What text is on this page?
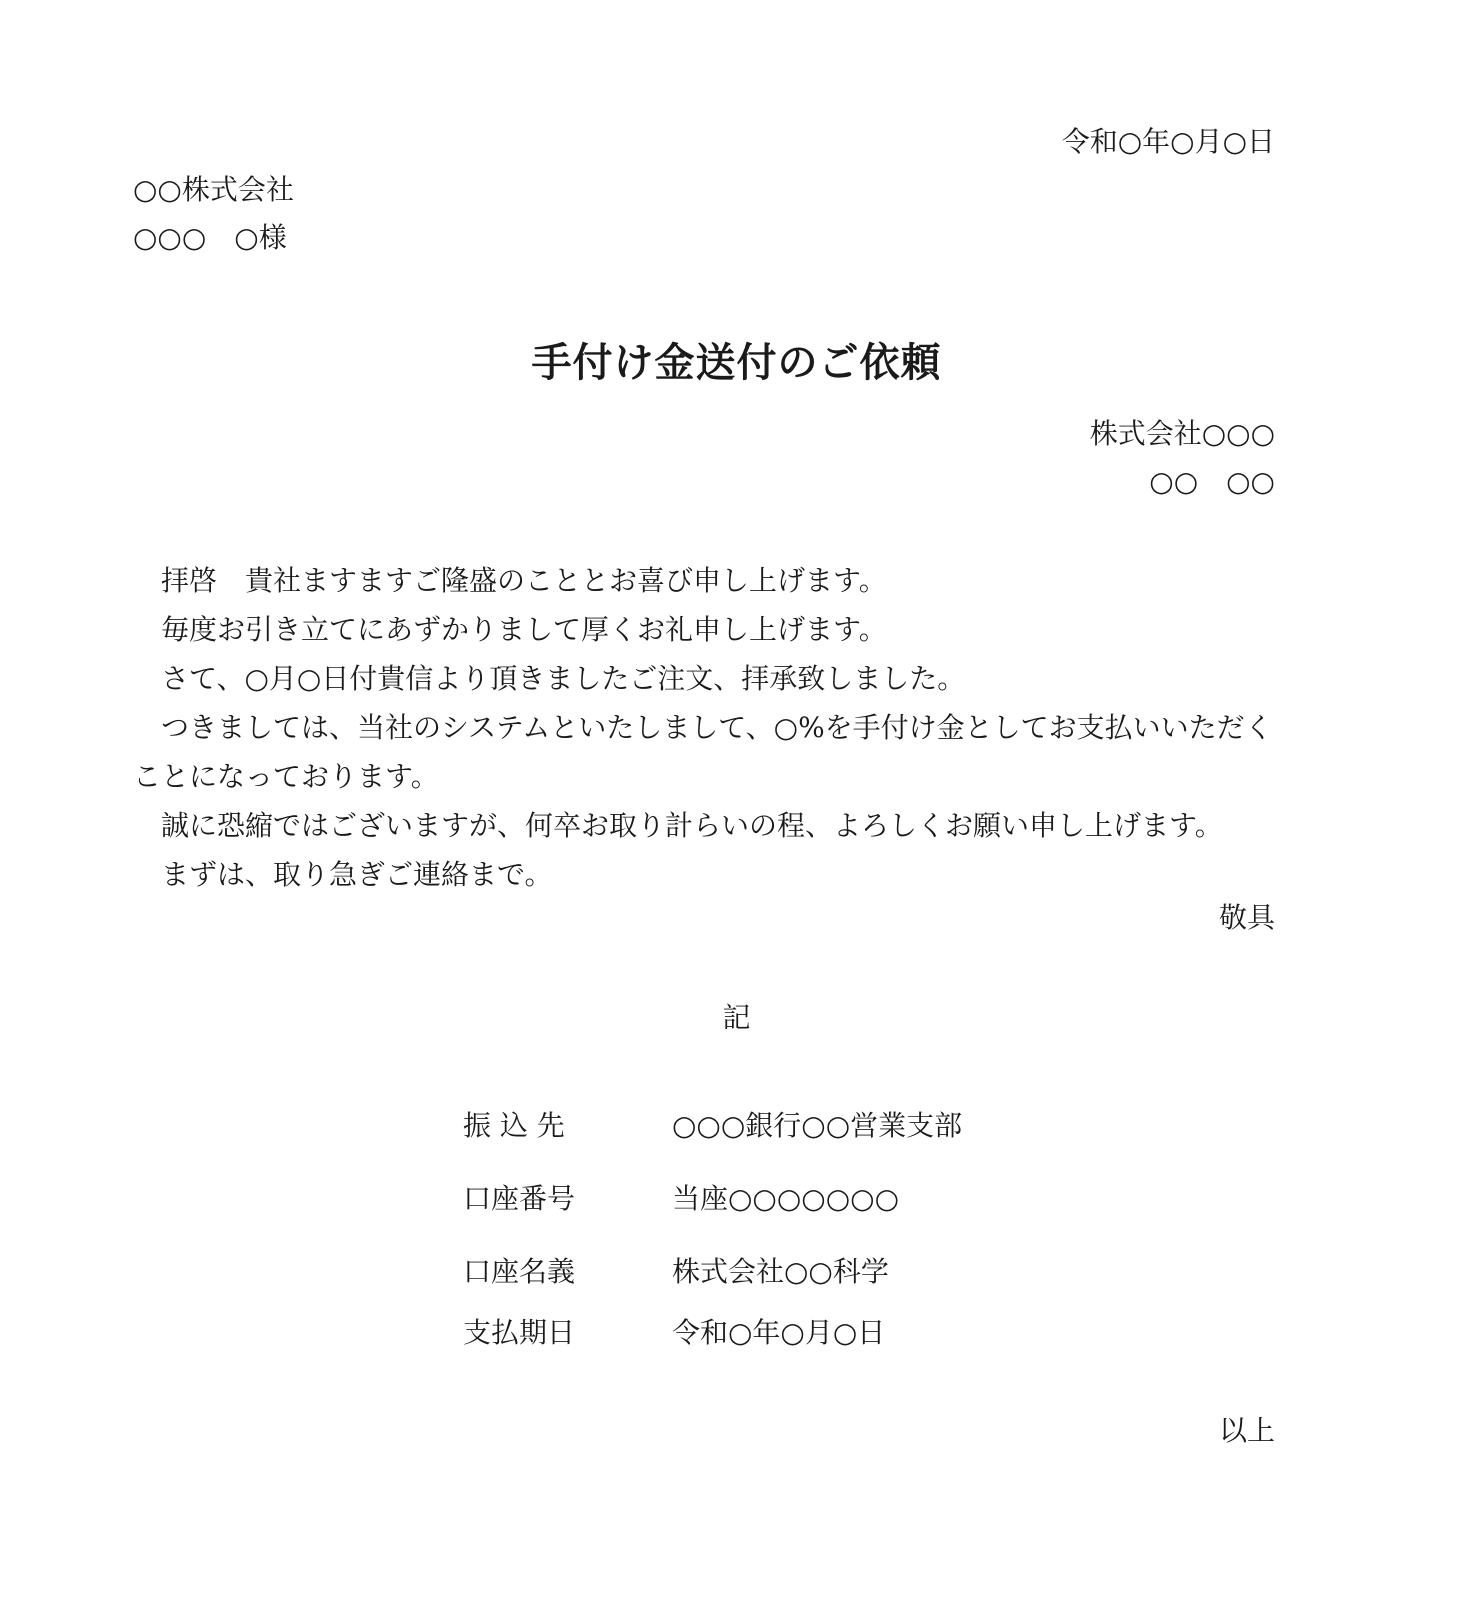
令和○年○月○日
○○株式会社
○○○　○様
手付け金送付のご依頼
株式会社○○○
○○　○○

拝啓　貴社ますますご隆盛のこととお喜び申し上げます。

毎度お引き立てにあずかりまして厚くお礼申し上げます。

さて、○月○日付貴信より頂きましたご注文、拝承致しました。

つきましては、当社のシステムといたしまして、○%を手付け金としてお支払いいただくことになっております。

誠に恐縮ではございますが、何卒お取り計らいの程、よろしくお願い申し上げます。

まずは、取り急ぎご連絡まで。

敬具
記
振 込 先	○○○銀行○○営業支部
口座番号	当座○○○○○○○
口座名義	株式会社○○科学
支払期日	令和○年○月○日
以上
